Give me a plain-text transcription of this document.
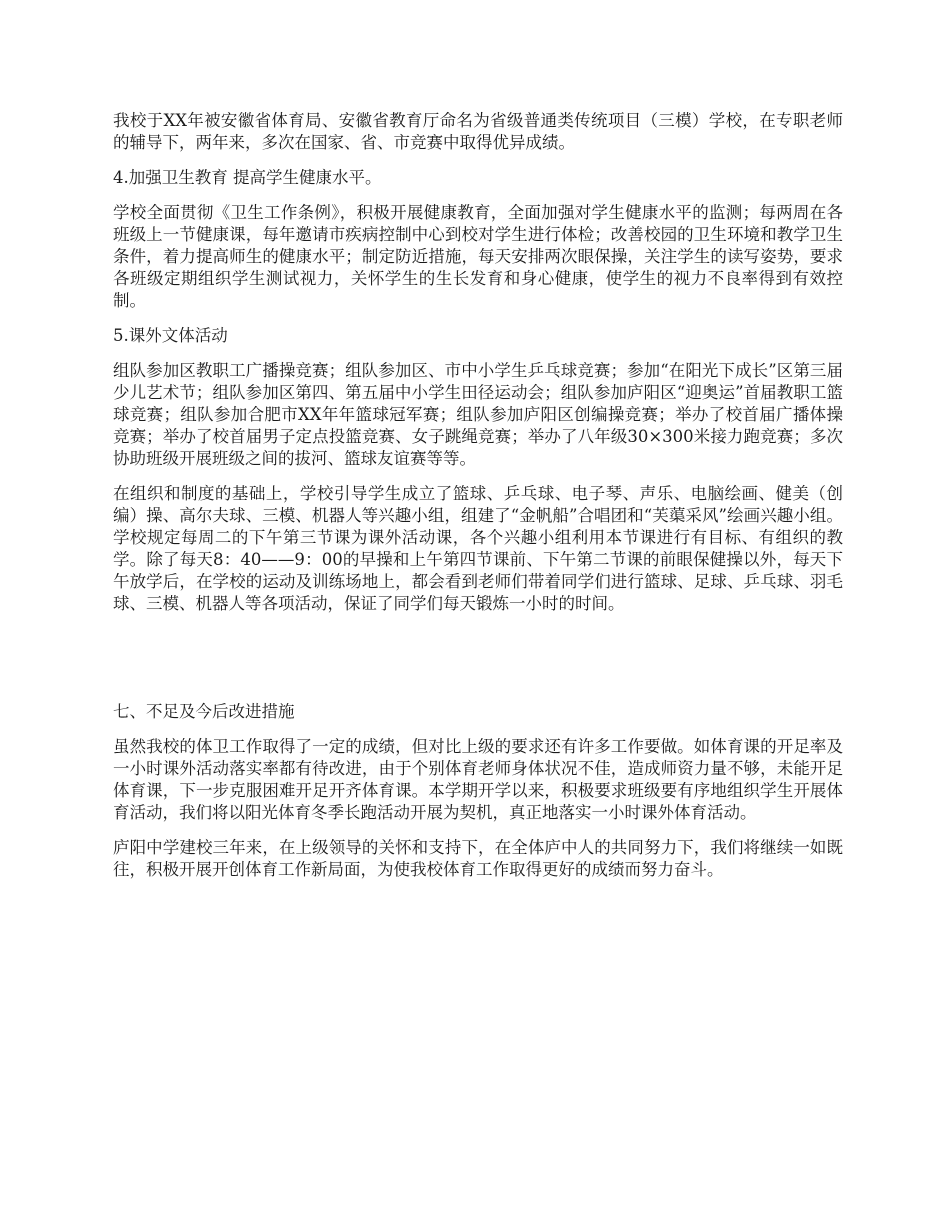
我校于XX年被安徽省体育局、安徽省教育厅命名为省级普通类传统项目（三模）学校，在专职老师的辅导下，两年来，多次在国家、省、市竞赛中取得优异成绩。

4.加强卫生教育 提高学生健康水平。

学校全面贯彻《卫生工作条例》，积极开展健康教育，全面加强对学生健康水平的监测；每两周在各班级上一节健康课，每年邀请市疾病控制中心到校对学生进行体检；改善校园的卫生环境和教学卫生条件，着力提高师生的健康水平；制定防近措施，每天安排两次眼保操，关注学生的读写姿势，要求各班级定期组织学生测试视力，关怀学生的生长发育和身心健康，使学生的视力不良率得到有效控制。

5.课外文体活动

组队参加区教职工广播操竞赛；组队参加区、市中小学生乒乓球竞赛；参加“在阳光下成长”区第三届少儿艺术节；组队参加区第四、第五届中小学生田径运动会；组队参加庐阳区“迎奥运”首届教职工篮球竞赛；组队参加合肥市XX年年篮球冠军赛；组队参加庐阳区创编操竞赛；举办了校首届广播体操竞赛；举办了校首届男子定点投篮竞赛、女子跳绳竞赛；举办了八年级30×300米接力跑竞赛；多次协助班级开展班级之间的拔河、篮球友谊赛等等。

在组织和制度的基础上，学校引导学生成立了篮球、乒乓球、电子琴、声乐、电脑绘画、健美（创编）操、高尔夫球、三模、机器人等兴趣小组，组建了“金帆船”合唱团和“芙蕖采风”绘画兴趣小组。学校规定每周二的下午第三节课为课外活动课，各个兴趣小组利用本节课进行有目标、有组织的教学。除了每天8：40——9：00的早操和上午第四节课前、下午第二节课的前眼保健操以外，每天下午放学后，在学校的运动及训练场地上，都会看到老师们带着同学们进行篮球、足球、乒乓球、羽毛球、三模、机器人等各项活动，保证了同学们每天锻炼一小时的时间。

七、不足及今后改进措施

虽然我校的体卫工作取得了一定的成绩，但对比上级的要求还有许多工作要做。如体育课的开足率及一小时课外活动落实率都有待改进，由于个别体育老师身体状况不佳，造成师资力量不够，未能开足体育课，下一步克服困难开足开齐体育课。本学期开学以来，积极要求班级要有序地组织学生开展体育活动，我们将以阳光体育冬季长跑活动开展为契机，真正地落实一小时课外体育活动。

庐阳中学建校三年来，在上级领导的关怀和支持下，在全体庐中人的共同努力下，我们将继续一如既往，积极开展开创体育工作新局面，为使我校体育工作取得更好的成绩而努力奋斗。
